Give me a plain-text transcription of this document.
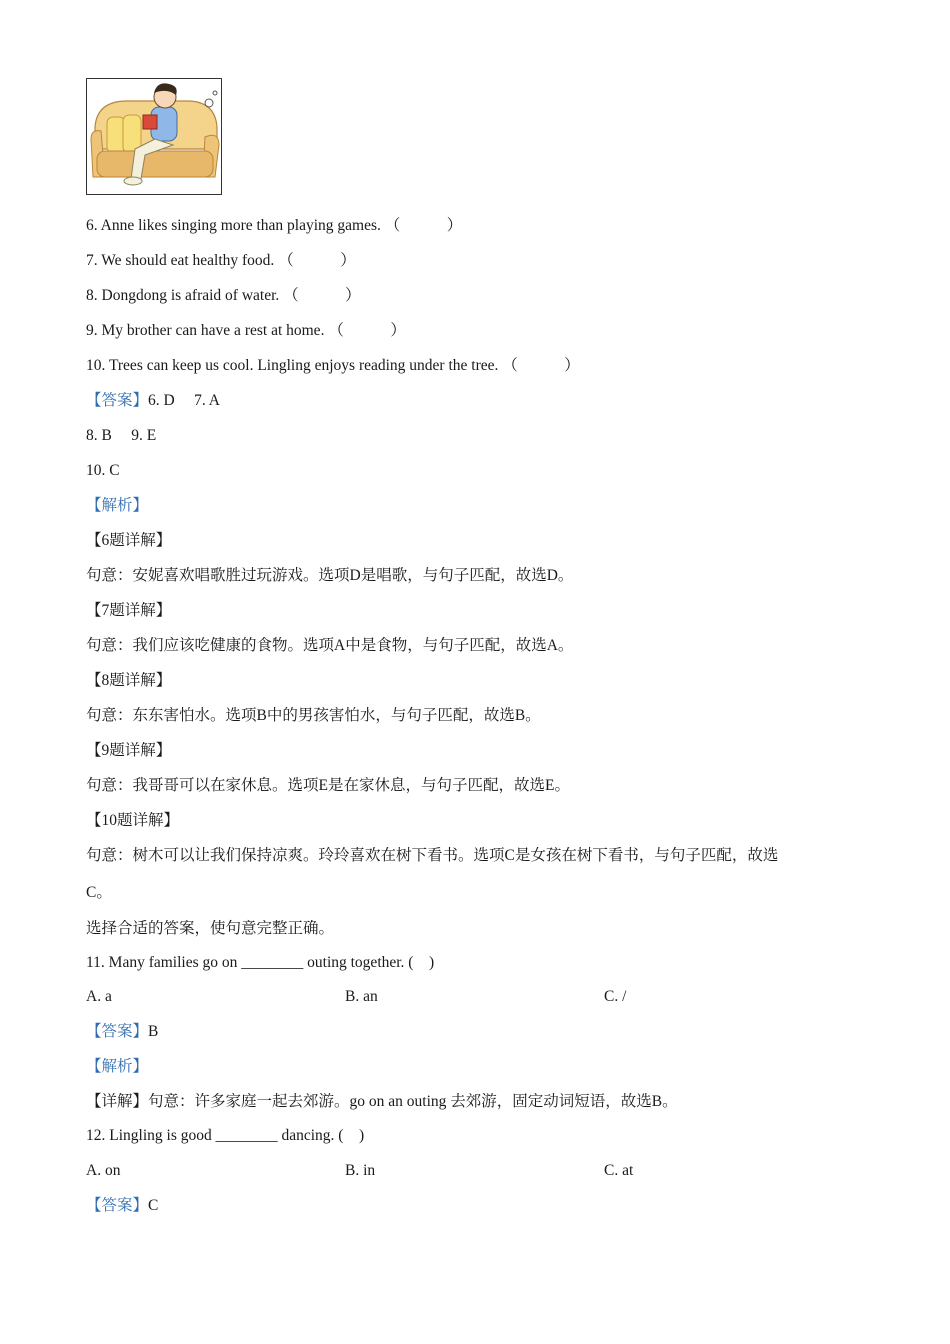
6. Anne likes singing more than playing games. （　　　）
7. We should eat healthy food. （　　　）
8. Dongdong is afraid of water. （　　　）
9. My brother can have a rest at home. （　　　）
10. Trees can keep us cool. Lingling enjoys reading under the tree. （　　　）
【答案】6. D　 7. A
8. B　 9. E
10. C
【解析】
【6题详解】
句意：安妮喜欢唱歌胜过玩游戏。选项D是唱歌，与句子匹配，故选D。
【7题详解】
句意：我们应该吃健康的食物。选项A中是食物，与句子匹配，故选A。
【8题详解】
句意：东东害怕水。选项B中的男孩害怕水，与句子匹配，故选B。
【9题详解】
句意：我哥哥可以在家休息。选项E是在家休息，与句子匹配，故选E。
【10题详解】
句意：树木可以让我们保持凉爽。玲玲喜欢在树下看书。选项C是女孩在树下看书，与句子匹配，故选
C。
选择合适的答案，使句意完整正确。
11. Many families go on ________ outing together. (　)
A. a	B. an	C. /
【答案】B
【解析】
【详解】句意：许多家庭一起去郊游。go on an outing 去郊游，固定动词短语，故选B。
12. Lingling is good ________ dancing. (　)
A. on	B. in	C. at
【答案】C
